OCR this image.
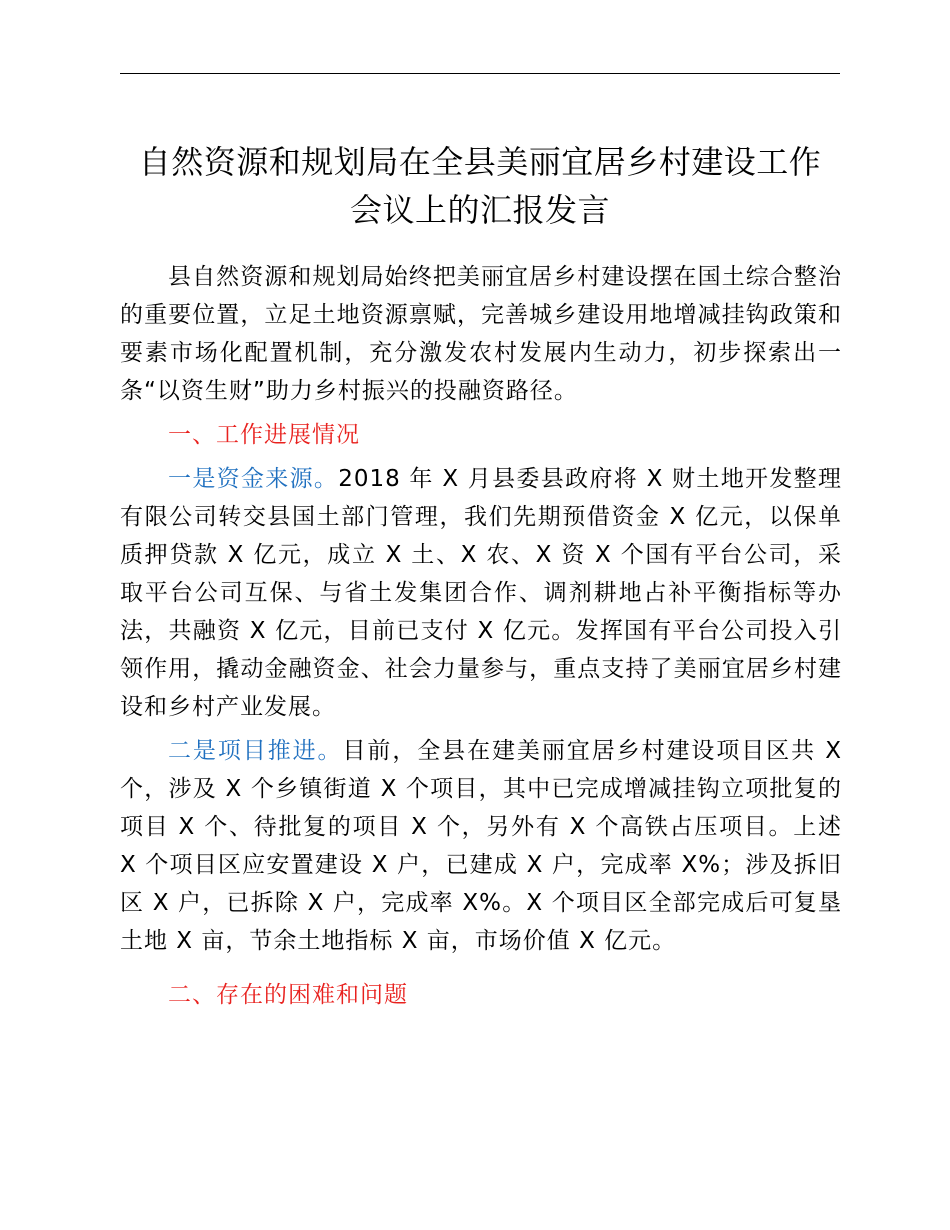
自然资源和规划局在全县美丽宜居乡村建设工作
会议上的汇报发言

县自然资源和规划局始终把美丽宜居乡村建设摆在国土综合整治的重要位置，立足土地资源禀赋，完善城乡建设用地增减挂钩政策和要素市场化配置机制，充分激发农村发展内生动力，初步探索出一条“以资生财”助力乡村振兴的投融资路径。

一、工作进展情况

一是资金来源。2018 年 X 月县委县政府将 X 财土地开发整理有限公司转交县国土部门管理，我们先期预借资金 X 亿元，以保单质押贷款 X 亿元，成立 X 土、X 农、X 资 X 个国有平台公司，采取平台公司互保、与省土发集团合作、调剂耕地占补平衡指标等办法，共融资 X 亿元，目前已支付 X 亿元。发挥国有平台公司投入引领作用，撬动金融资金、社会力量参与，重点支持了美丽宜居乡村建设和乡村产业发展。

二是项目推进。目前，全县在建美丽宜居乡村建设项目区共 X 个，涉及 X 个乡镇街道 X 个项目，其中已完成增减挂钩立项批复的项目 X 个、待批复的项目 X 个，另外有 X 个高铁占压项目。上述 X 个项目区应安置建设 X 户，已建成 X 户，完成率 X%；涉及拆旧区 X 户，已拆除 X 户，完成率 X%。X 个项目区全部完成后可复垦土地 X 亩，节余土地指标 X 亩，市场价值 X 亿元。

二、存在的困难和问题
